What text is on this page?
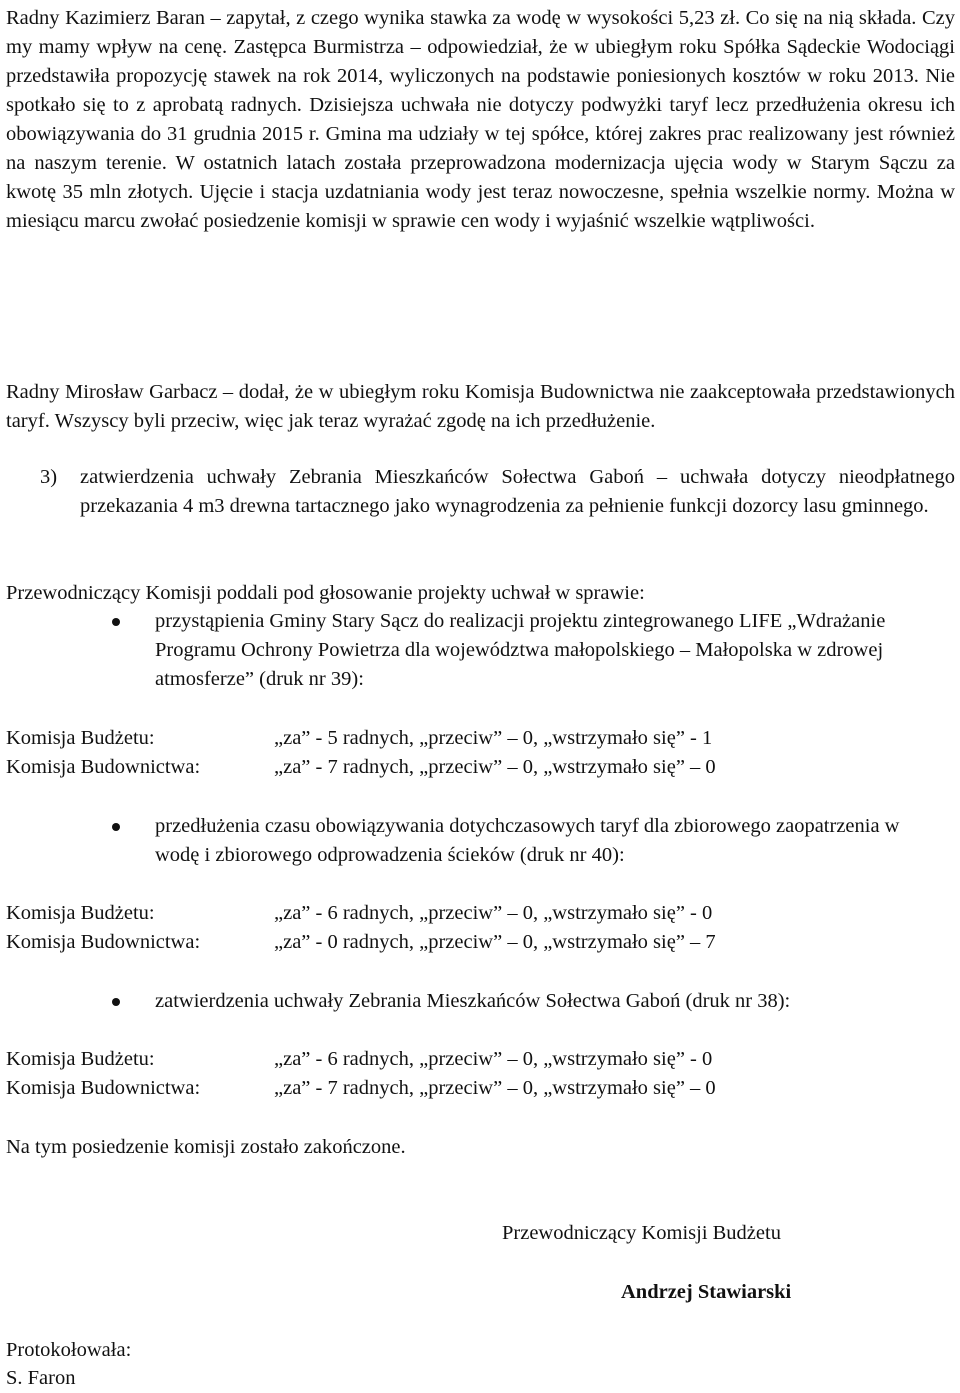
Radny Kazimierz Baran – zapytał, z czego wynika stawka za wodę w wysokości 5,23 zł. Co się na nią składa. Czy my mamy wpływ na cenę. Zastępca Burmistrza – odpowiedział, że w ubiegłym roku Spółka Sądeckie Wodociągi przedstawiła propozycję stawek na rok 2014, wyliczonych na podstawie poniesionych kosztów w roku 2013. Nie spotkało się to z aprobatą radnych. Dzisiejsza uchwała nie dotyczy podwyżki taryf lecz przedłużenia okresu ich obowiązywania do 31 grudnia 2015 r. Gmina ma udziały w tej spółce, której zakres prac realizowany jest również na naszym terenie. W ostatnich latach została przeprowadzona modernizacja ujęcia wody w Starym Sączu za kwotę 35 mln złotych. Ujęcie i stacja uzdatniania wody jest teraz nowoczesne, spełnia wszelkie normy. Można w miesiącu marcu zwołać posiedzenie komisji w sprawie cen wody i wyjaśnić wszelkie wątpliwości.

Radny Mirosław Garbacz – dodał, że w ubiegłym roku Komisja Budownictwa nie zaakceptowała przedstawionych taryf. Wszyscy byli przeciw, więc jak teraz wyrażać zgodę na ich przedłużenie.

3) zatwierdzenia uchwały Zebrania Mieszkańców Sołectwa Gaboń – uchwała dotyczy nieodpłatnego przekazania 4 m3 drewna tartacznego jako wynagrodzenia za pełnienie funkcji dozorcy lasu gminnego.
Przewodniczący Komisji poddali pod głosowanie projekty uchwał w sprawie:
przystąpienia Gminy Stary Sącz do realizacji projektu zintegrowanego LIFE „Wdrażanie Programu Ochrony Powietrza dla województwa małopolskiego – Małopolska w zdrowej atmosferze” (druk nr 39):
Komisja Budżetu:	„za” - 5 radnych, „przeciw” – 0, „wstrzymało się” - 1
Komisja Budownictwa:	„za” - 7 radnych, „przeciw” – 0, „wstrzymało się” – 0
przedłużenia czasu obowiązywania dotychczasowych taryf dla zbiorowego zaopatrzenia w wodę i zbiorowego odprowadzenia ścieków (druk nr 40):
Komisja Budżetu:	„za” - 6 radnych, „przeciw” – 0, „wstrzymało się” - 0
Komisja Budownictwa:	„za” - 0 radnych, „przeciw” – 0, „wstrzymało się” – 7
zatwierdzenia uchwały Zebrania Mieszkańców Sołectwa Gaboń (druk nr 38):
Komisja Budżetu:	„za” - 6 radnych, „przeciw” – 0, „wstrzymało się” - 0
Komisja Budownictwa:	„za” - 7 radnych, „przeciw” – 0, „wstrzymało się” – 0
Na tym posiedzenie komisji zostało zakończone.
Przewodniczący Komisji Budżetu
Andrzej Stawiarski
Protokołowała:
S. Faron
